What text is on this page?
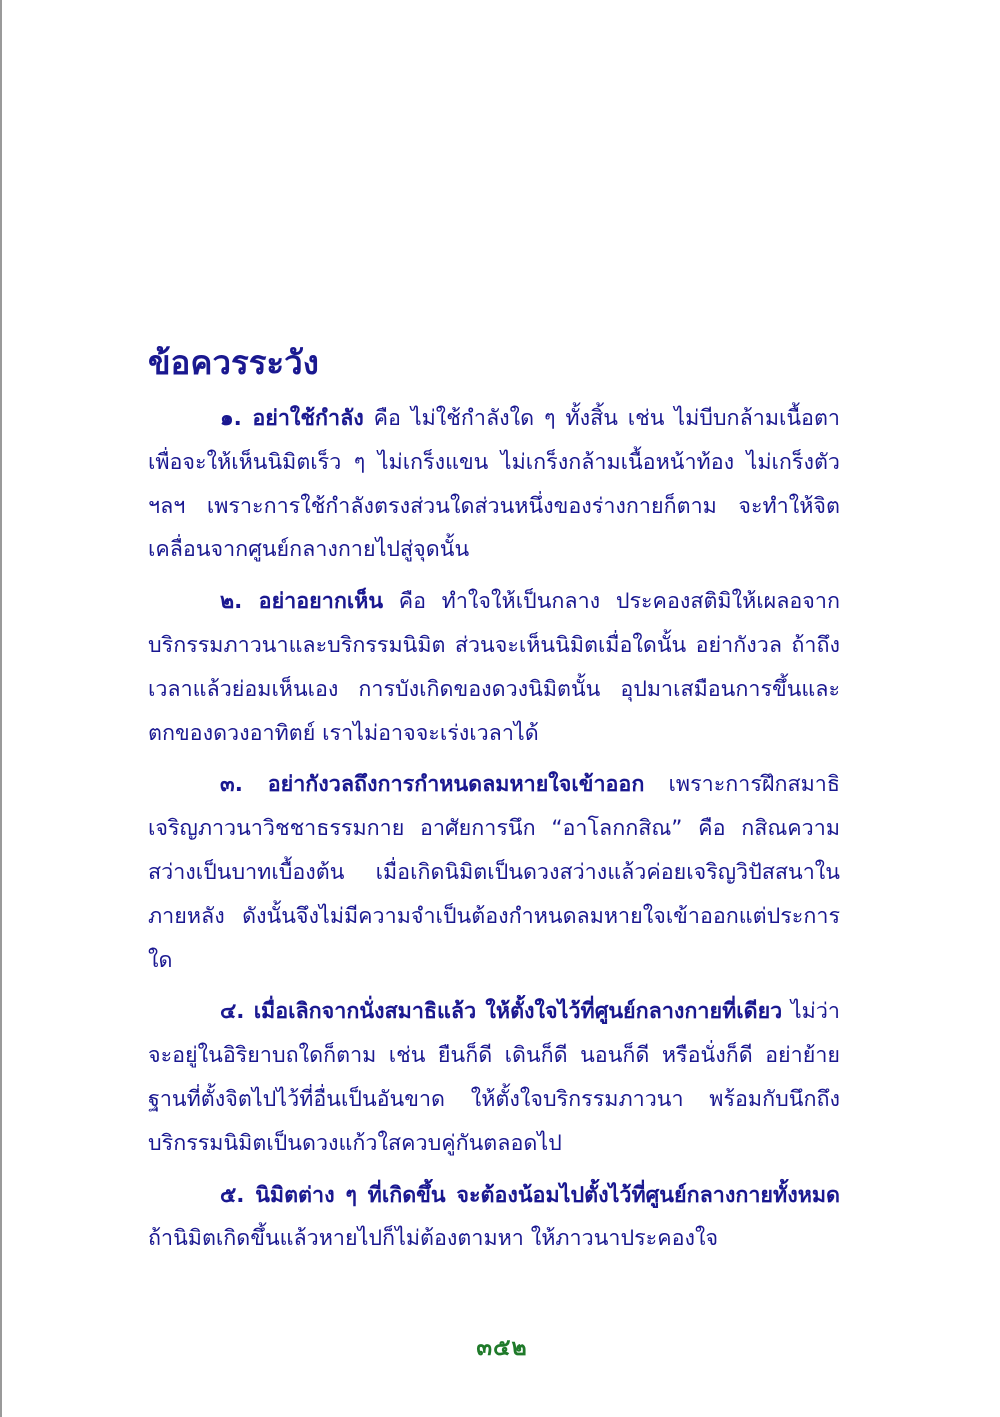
ข้อควรระวัง

๑. อย่าใช้กำลัง คือ ไม่ใช้กำลังใด ๆ ทั้งสิ้น เช่น ไม่บีบกล้ามเนื้อตา เพื่อจะให้เห็นนิมิตเร็ว ๆ ไม่เกร็งแขน ไม่เกร็งกล้ามเนื้อหน้าท้อง ไม่เกร็งตัว ฯลฯ เพราะการใช้กำลังตรงส่วนใดส่วนหนึ่งของร่างกายก็ตาม จะทำให้จิตเคลื่อนจากศูนย์กลางกายไปสู่จุดนั้น

๒. อย่าอยากเห็น คือ ทำใจให้เป็นกลาง ประคองสติมิให้เผลอจากบริกรรมภาวนาและบริกรรมนิมิต ส่วนจะเห็นนิมิตเมื่อใดนั้น อย่ากังวล ถ้าถึงเวลาแล้วย่อมเห็นเอง การบังเกิดของดวงนิมิตนั้น อุปมาเสมือนการขึ้นและตกของดวงอาทิตย์ เราไม่อาจจะเร่งเวลาได้

๓. อย่ากังวลถึงการกำหนดลมหายใจเข้าออก เพราะการฝึกสมาธิเจริญภาวนาวิชชาธรรมกาย อาศัยการนึก “อาโลกกสิณ” คือ กสิณความสว่างเป็นบาทเบื้องต้น เมื่อเกิดนิมิตเป็นดวงสว่างแล้วค่อยเจริญวิปัสสนาในภายหลัง ดังนั้นจึงไม่มีความจำเป็นต้องกำหนดลมหายใจเข้าออกแต่ประการใด

๔. เมื่อเลิกจากนั่งสมาธิแล้ว ให้ตั้งใจไว้ที่ศูนย์กลางกายที่เดียว ไม่ว่าจะอยู่ในอิริยาบถใดก็ตาม เช่น ยืนก็ดี เดินก็ดี นอนก็ดี หรือนั่งก็ดี อย่าย้ายฐานที่ตั้งจิตไปไว้ที่อื่นเป็นอันขาด ให้ตั้งใจบริกรรมภาวนา พร้อมกับนึกถึงบริกรรมนิมิตเป็นดวงแก้วใสควบคู่กันตลอดไป

๕. นิมิตต่าง ๆ ที่เกิดขึ้น จะต้องน้อมไปตั้งไว้ที่ศูนย์กลางกายทั้งหมด ถ้านิมิตเกิดขึ้นแล้วหายไปก็ไม่ต้องตามหา ให้ภาวนาประคองใจ

๓๕๒
